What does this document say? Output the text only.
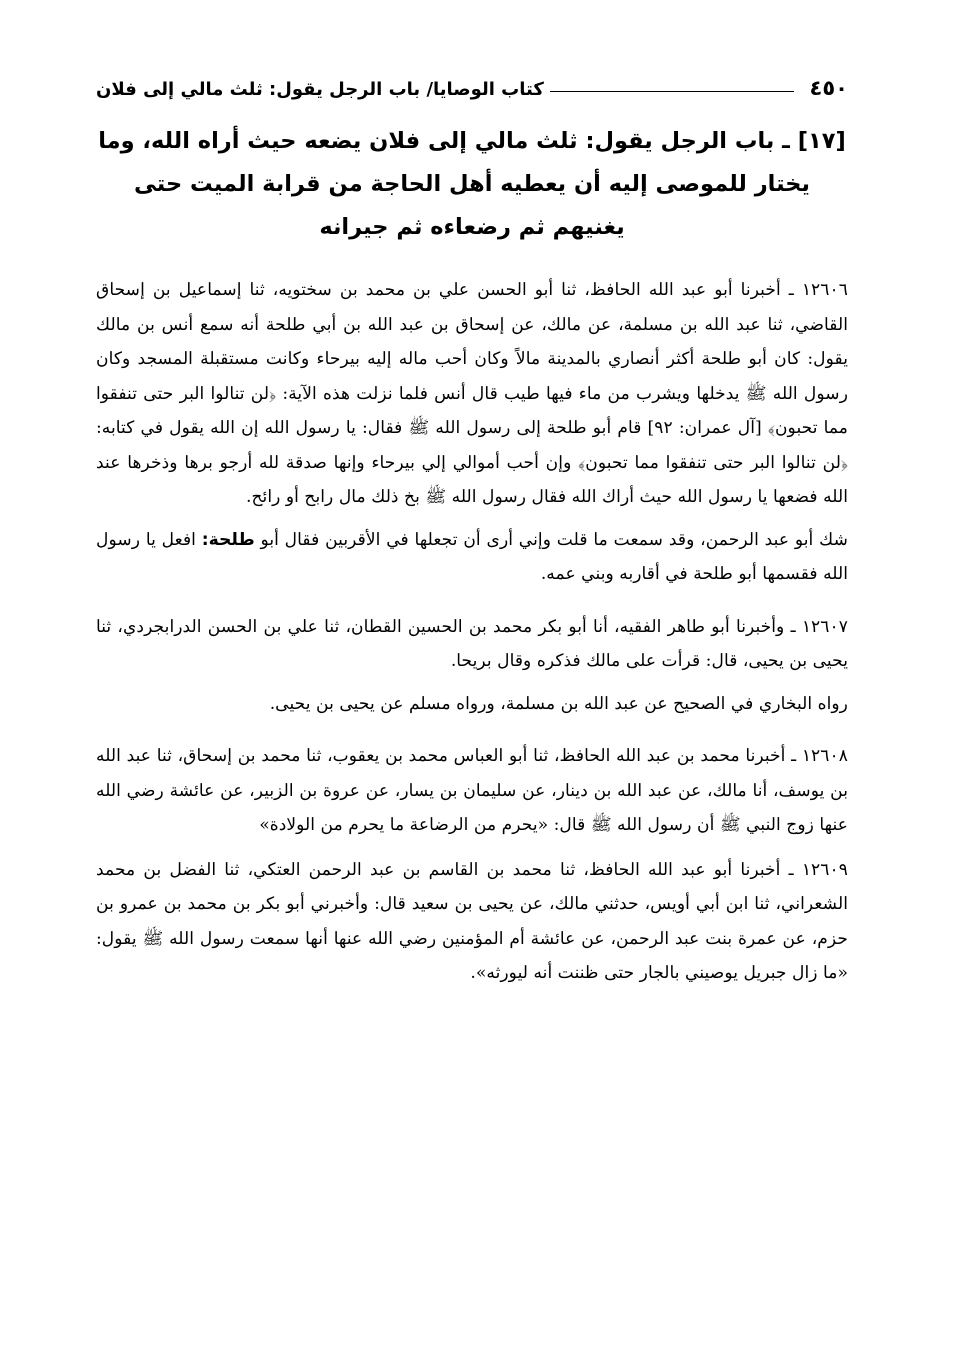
٤٥٠
كتاب الوصايا/ باب الرجل يقول: ثلث مالي إلى فلان
[١٧] ـ باب الرجل يقول: ثلث مالي إلى فلان يضعه حيث أراه الله، وما يختار للموصى إليه أن يعطيه أهل الحاجة من قرابة الميت حتى يغنيهم ثم رضعاءه ثم جيرانه

١٢٦٠٦ ـ أخبرنا أبو عبد الله الحافظ، ثنا أبو الحسن علي بن محمد بن سختويه، ثنا إسماعيل بن إسحاق القاضي، ثنا عبد الله بن مسلمة، عن مالك، عن إسحاق بن عبد الله بن أبي طلحة أنه سمع أنس بن مالك يقول: كان أبو طلحة أكثر أنصاري بالمدينة مالاً وكان أحب ماله إليه بيرحاء وكانت مستقبلة المسجد وكان رسول الله ﷺ يدخلها ويشرب من ماء فيها طيب قال أنس فلما نزلت هذه الآية: ﴿لن تنالوا البر حتى تنفقوا مما تحبون﴾ [آل عمران: ٩٢] قام أبو طلحة إلى رسول الله ﷺ فقال: يا رسول الله إن الله يقول في كتابه: ﴿لن تنالوا البر حتى تنفقوا مما تحبون﴾ وإن أحب أموالي إلي بيرحاء وإنها صدقة لله أرجو برها وذخرها عند الله فضعها يا رسول الله حيث أراك الله فقال رسول الله ﷺ بخ ذلك مال رابح أو رائح.

شك أبو عبد الرحمن، وقد سمعت ما قلت وإني أرى أن تجعلها في الأقربين فقال أبو طلحة: افعل يا رسول الله فقسمها أبو طلحة في أقاربه وبني عمه.

١٢٦٠٧ ـ وأخبرنا أبو طاهر الفقيه، أنا أبو بكر محمد بن الحسين القطان، ثنا علي بن الحسن الدرابجردي، ثنا يحيى بن يحيى، قال: قرأت على مالك فذكره وقال بريحا.

رواه البخاري في الصحيح عن عبد الله بن مسلمة، ورواه مسلم عن يحيى بن يحيى.

١٢٦٠٨ ـ أخبرنا محمد بن عبد الله الحافظ، ثنا أبو العباس محمد بن يعقوب، ثنا محمد بن إسحاق، ثنا عبد الله بن يوسف، أنا مالك، عن عبد الله بن دينار، عن سليمان بن يسار، عن عروة بن الزبير، عن عائشة رضي الله عنها زوج النبي ﷺ أن رسول الله ﷺ قال: «يحرم من الرضاعة ما يحرم من الولادة»

١٢٦٠٩ ـ أخبرنا أبو عبد الله الحافظ، ثنا محمد بن القاسم بن عبد الرحمن العتكي، ثنا الفضل بن محمد الشعراني، ثنا ابن أبي أويس، حدثني مالك، عن يحيى بن سعيد قال: وأخبرني أبو بكر بن محمد بن عمرو بن حزم، عن عمرة بنت عبد الرحمن، عن عائشة أم المؤمنين رضي الله عنها أنها سمعت رسول الله ﷺ يقول: «ما زال جبريل يوصيني بالجار حتى ظننت أنه ليورثه».
